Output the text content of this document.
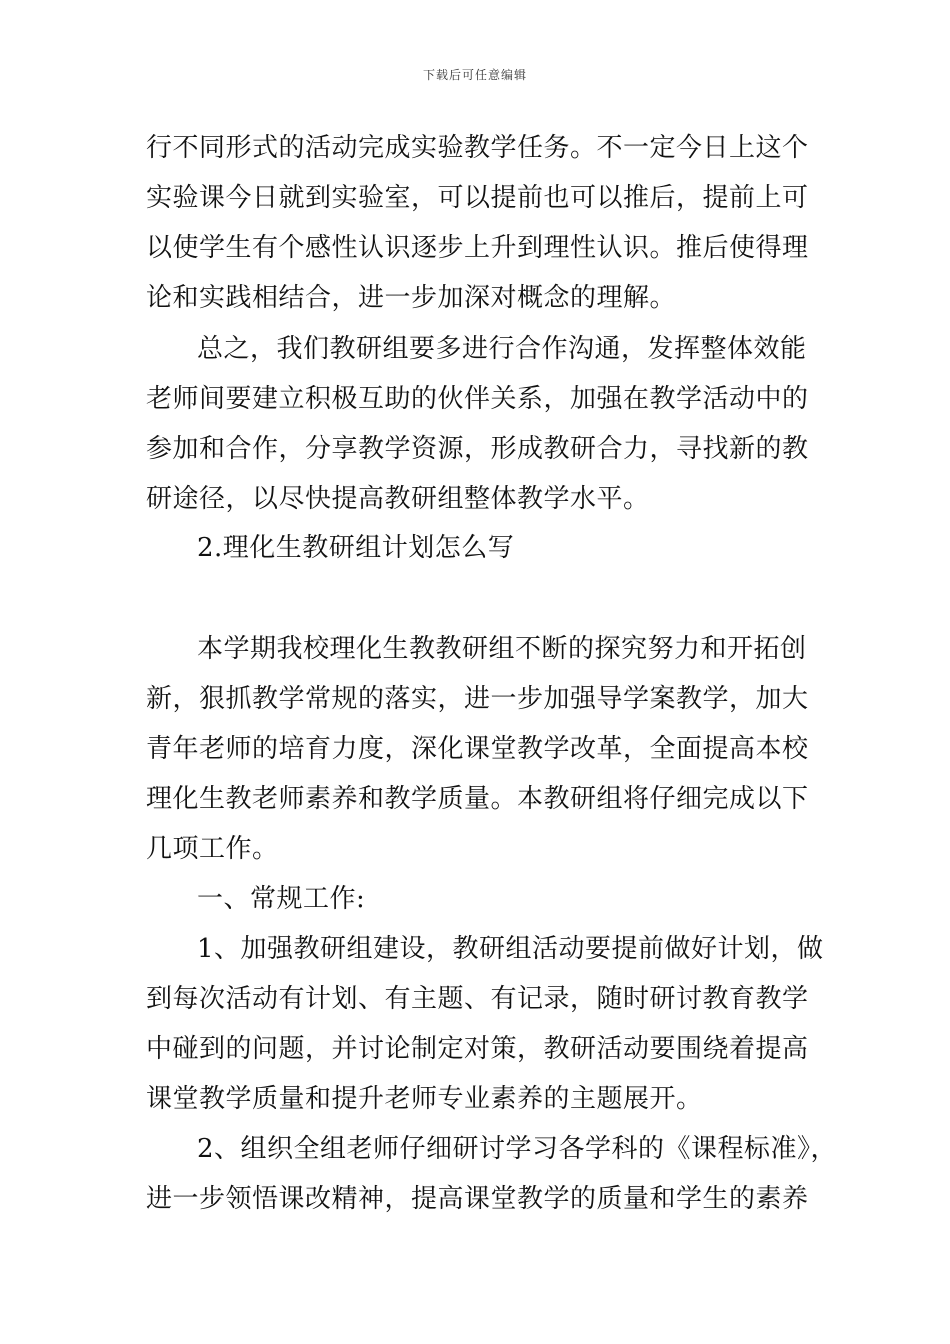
下载后可任意编辑
行不同形式的活动完成实验教学任务。不一定今日上这个
实验课今日就到实验室，可以提前也可以推后，提前上可
以使学生有个感性认识逐步上升到理性认识。推后使得理
论和实践相结合，进一步加深对概念的理解。
总之，我们教研组要多进行合作沟通，发挥整体效能
老师间要建立积极互助的伙伴关系，加强在教学活动中的
参加和合作，分享教学资源，形成教研合力，寻找新的教
研途径，以尽快提高教研组整体教学水平。
2.理化生教研组计划怎么写
本学期我校理化生教教研组不断的探究努力和开拓创
新，狠抓教学常规的落实，进一步加强导学案教学，加大
青年老师的培育力度，深化课堂教学改革，全面提高本校
理化生教老师素养和教学质量。本教研组将仔细完成以下
几项工作。
一、常规工作:
1、加强教研组建设，教研组活动要提前做好计划，做
到每次活动有计划、有主题、有记录，随时研讨教育教学
中碰到的问题，并讨论制定对策，教研活动要围绕着提高
课堂教学质量和提升老师专业素养的主题展开。
2、组织全组老师仔细研讨学习各学科的《课程标准》，
进一步领悟课改精神，提高课堂教学的质量和学生的素养
